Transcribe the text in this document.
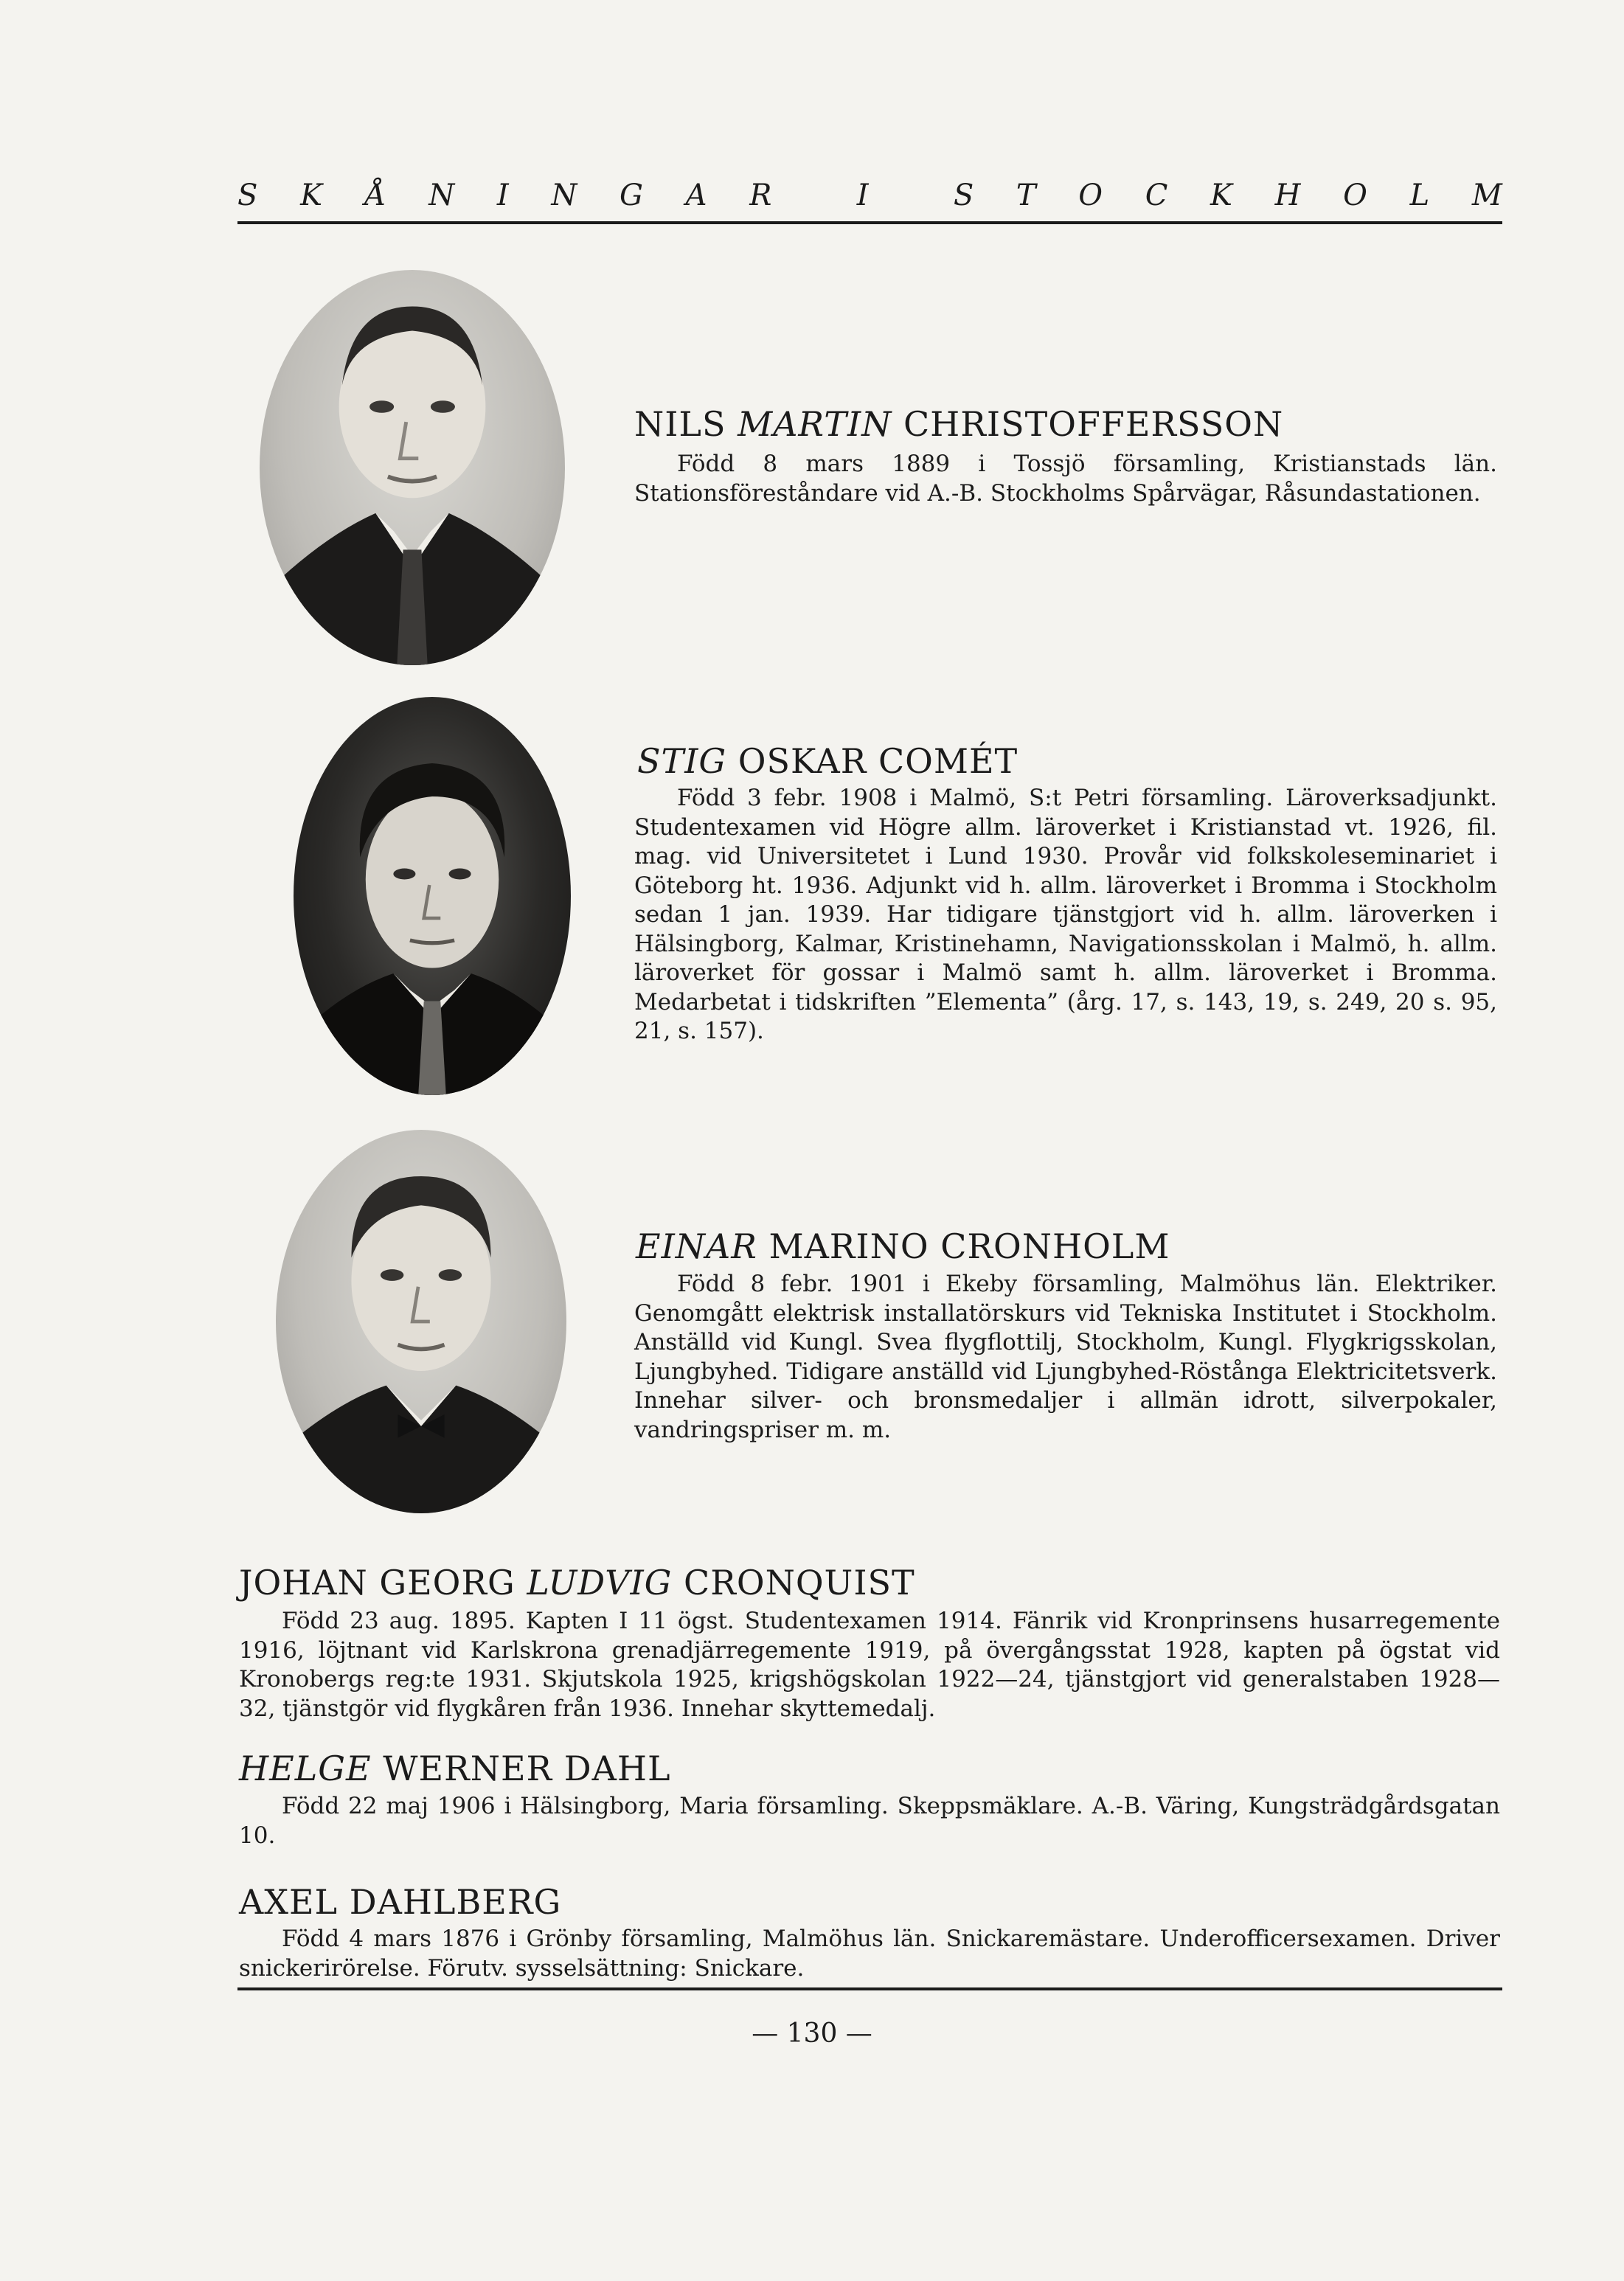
S K Å N I N G A R	I	S T O C K H O L M
NILS MARTIN CHRISTOFFERSSON

Född 8 mars 1889 i Tossjö församling, Kristianstads län. Stationsföreståndare vid A.-B. Stockholms Spårvägar, Råsundastationen.

STIG OSKAR COMÉT

Född 3 febr. 1908 i Malmö, S:t Petri församling. Läroverksadjunkt. Studentexamen vid Högre allm. läroverket i Kristianstad vt. 1926, fil. mag. vid Universitetet i Lund 1930. Provår vid folkskoleseminariet i Göteborg ht. 1936. Adjunkt vid h. allm. läroverket i Bromma i Stockholm sedan 1 jan. 1939. Har tidigare tjänstgjort vid h. allm. läroverken i Hälsingborg, Kalmar, Kristinehamn, Navigationsskolan i Malmö, h. allm. läroverket för gossar i Malmö samt h. allm. läroverket i Bromma. Medarbetat i tidskriften ”Elementa” (årg. 17, s. 143, 19, s. 249, 20 s. 95, 21, s. 157).

EINAR MARINO CRONHOLM

Född 8 febr. 1901 i Ekeby församling, Malmöhus län. Elektriker. Genomgått elektrisk installatörskurs vid Tekniska Institutet i Stockholm. Anställd vid Kungl. Svea flygflottilj, Stockholm, Kungl. Flygkrigsskolan, Ljungbyhed. Tidigare anställd vid Ljungbyhed-Röstånga Elektricitetsverk. Innehar silver- och bronsmedaljer i allmän idrott, silverpokaler, vandringspriser m. m.

JOHAN GEORG LUDVIG CRONQUIST

Född 23 aug. 1895. Kapten I 11 ögst. Studentexamen 1914. Fänrik vid Kronprinsens husarregemente 1916, löjtnant vid Karlskrona grenadjärregemente 1919, på övergångsstat 1928, kapten på ögstat vid Kronobergs reg:te 1931. Skjutskola 1925, krigshögskolan 1922—24, tjänstgjort vid generalstaben 1928—32, tjänstgör vid flygkåren från 1936. Innehar skyttemedalj.

HELGE WERNER DAHL

Född 22 maj 1906 i Hälsingborg, Maria församling. Skeppsmäklare. A.-B. Väring, Kungsträdgårdsgatan 10.

AXEL DAHLBERG

Född 4 mars 1876 i Grönby församling, Malmöhus län. Snickaremästare. Underofficersexamen. Driver snickerirörelse. Förutv. sysselsättning: Snickare.

— 130 —
